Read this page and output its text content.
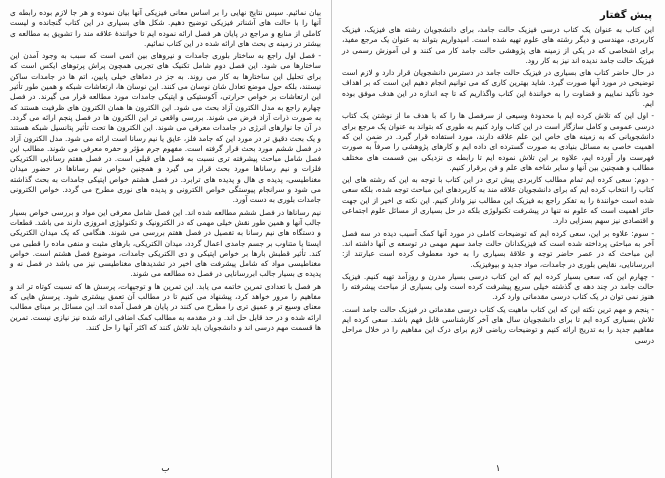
بیان نمائیم. سپس نتایج نهایی را بر اساس معانی فیزیکی آنها بیان نموده و هر جا لازم بوده رابطه ی آنها را با حالت های آشناتر فیزیکی توضیح دهیم. شکل های بسیاری در این کتاب گنجانده و لیست کاملی از منابع و مراجع در پایان هر فصل ارائه نموده ایم تا خوانندۀ علاقه مند را تشویق به مطالعه ی بیشتر در زمینه ی بحث های ارائه شده در این کتاب نمائیم.

- فصل اول راجع به ساختار بلوری جامدات و نیروهای بین اتمی است که سبب به وجود آمدن این ساختارها می شود. این فصل دوم شامل تکنیک های تجربی همچون پراش پرتوهای ایکس است که برای تحلیل این ساختارها به کار می روند. به جز در دماهای خیلی پایین، اتم ها در جامدات ساکن نیستند، بلکه حول موضع تعادل شان نوسان می کنند. این نوسان ها، ارتعاشات شبکه و همین طور تأثیر این ارتعاشات بر خواص حرارتی، آکوستیکی و اپتیکی جامدات مورد مطالعه قرار می گیرند. در فصل چهارم راجع به مدل الکترون آزاد بحث می شود. این الکترون ها همان الکترون های ظرفیت هستند که به صورت ذرات آزاد فرض می شوند. بررسی واقعی تر این الکترون ها در فصل پنجم ارائه می گردد. در آن جا نوارهای انرژی در جامدات معرفی می شوند. این الکترون ها تحت تأثیر پتانسیل شبکه هستند و یک بحث دقیق تر در مورد این که جامد فلز، عایق یا نیم رسانا است ارائه می شود. مدل الکترون آزاد در فصل ششم مورد بحث قرار گرفته است. مفهوم جرم مؤثر و حفره معرفی می شوند. مطالب این فصل شامل مباحث پیشرفته تری نسبت به فصل های قبلی است. در فصل هفتم رسانایی الکتریکی فلزات و نیم رساناها مورد بحث قرار می گیرد و همچنین خواص نیم رساناها در حضور میدان مغناطیسی، پدیده ی هال و پدیده های ترابرد. در فصل هشتم خواص اپتیکی جامدات به بحث گذاشته می شود و سرانجام پیوستگی خواص الکترونی و پدیده های نوری مطرح می گردد. خواص الکترونی جامدات بلوری به دست آورد.

نیم رساناها در فصل ششم مطالعه شده اند. این فصل شامل معرفی این مواد و بررسی خواص بسیار جالب آنها و همین طور نقش خیلی مهمی که در الکترونیک و تکنولوژی امروزی دارند می باشد. قطعات و دستگاه های نیم رسانا به تفصیل در فصل هفتم بررسی می شوند. هنگامی که یک میدان الکتریکی ایستا یا متناوب بر جسم جامدی اعمال گردد، میدان الکتریکی، بارهای مثبت و منفی ماده را قطبی می کند. تأثیر قطبش بارها بر خواص اپتیکی و دی الکتریکی جامدات، موضوع فصل هشتم است. خواص مغناطیسی مواد که شامل پیشرفت های اخیر در تشدیدهای مغناطیسی نیز می باشد در فصل نه و پدیده ی بسیار جالب ابررسانایی در فصل ده مطالعه می شوند.

هر فصل با تعدادی تمرین خاتمه می یابد. این تمرین ها و توجیهات، پرسش ها که نسبت کوتاه تر اند و مفاهیم را مرور خواهد کرد، پیشنهاد می کنیم تا در مطالب آن تعمق بیشتری شود. پرسش هایی که معنای وسیع تر و عمیق تری را مطرح می کنند در پایان هر فصل آمده اند. این مسائل بر مبنای مطالب ارائه شده و در حد قابل حل اند. و در مقدمه به مطالب کمک اضافی ارائه شده نیز نیازی نیست. تمرین ها قسمت مهم درسی اند و دانشجویان باید تلاش کنند که اکثر آنها را حل کنند.

ب
پیش گفتار

این کتاب به عنوان یک کتاب درسی فیزیک حالت جامد، برای دانشجویان رشته های فیزیک، فیزیک کاربردی، مهندسی و دیگر رشته های علوم تهیه شده است. امیدواریم بتواند به عنوان یک مرجع مفید، برای اشخاصی که در یکی از زمینه های پژوهشی حالت جامد کار می کنند و لی آموزش رسمی در فیزیک حالت جامد ندیده اند نیز به کار رود.

در حال حاضر کتاب های بسیاری در فیزیک حالت جامد در دسترس دانشجویان قرار دارد و لازم است توضیحی در مورد آنها صورت گیرد. شاید بهترین کاری که می توانیم انجام دهیم این است که بر اهداف خود تأکید نماییم و قضاوت را به خوانندۀ این کتاب واگذاریم که تا چه اندازه در این هدف موفق بوده ایم.

- اول این که تلاش کرده ایم با محدودۀ وسیعی از سرفصل ها را که با هدف ما از نوشتن یک کتاب درسی عمومی و کامل سازگار است در این کتاب وارد کنیم به طوری که بتواند به عنوان یک مرجع برای دانشجویانی که به زمینه های خاص این علم علاقه دارند، مورد استفاده قرار گیرد. در ضمن این که اهمیت خاصی به مسائل بنیادی به صورت گسترده ای داده ایم و کارهای پژوهشی را صرفاً به صورت فهرست وار آورده ایم، علاوه بر این تلاش نموده ایم تا رابطه ی نزدیکی بین قسمت های مختلف مطالب و همچنین بین آنها و سایر شاخه های علم و فن برقرار کنیم.

- دوم: سعی کرده ایم تمام مطالب کاربردی پیش تری در این کتاب با توجه به این که رشته های این کتاب را انتخاب کرده ایم که برای دانشجویان علاقه مند به کاربردهای این مباحث توجه شده، بلکه سعی شده است خوانندۀ را به تفکر راجع به فیزیک این مطالب نیز وادار کنیم. این نکته ی اخیر از این جهت حائز اهمیت است که علوم نه تنها در پیشرفت تکنولوژی بلکه در حل بسیاری از مسائل علوم اجتماعی و اقتصادی نیز سهم بسزایی دارد.

- سوم: علاوه بر این، سعی کرده ایم که توضیحات کاملی در مورد آنها کمک آسیب دیده در سه فصل آخر به مباحثی پرداخته شده است که فیزیکدانان حالت جامد سهم مهمی در توسعه ی آنها داشته اند. این مباحث که در عصر حاضر توجه و علاقۀ بسیاری را به خود معطوف کرده است عبارتند از: ابررسانایی، نقایص بلوری در جامدات، مواد جدید و بیوفیزیک.

- چهارم این که، سعی بسیار کرده ایم که این کتاب درسی بسیار مدرن و روزآمد تهیه کنیم. فیزیک حالت جامد در چند دهه ی گذشته خیلی سریع پیشرفت کرده است ولی بسیاری از مباحث پیشرفته را هنوز نمی توان در یک کتاب درسی مقدماتی وارد کرد.

- پنجم و مهم ترین نکته این که این کتاب ماهیت یک کتاب درسی مقدماتی در فیزیک حالت جامد است. تلاش بسیاری کرده ایم تا برای دانشجویان سال های آخر کارشناسی قابل فهم باشد. سعی کرده ایم مفاهیم جدید را به تدریج ارائه کنیم و توضیحات ریاضی لازم برای درک این مفاهیم را در خلال مراحل درسی

۱
